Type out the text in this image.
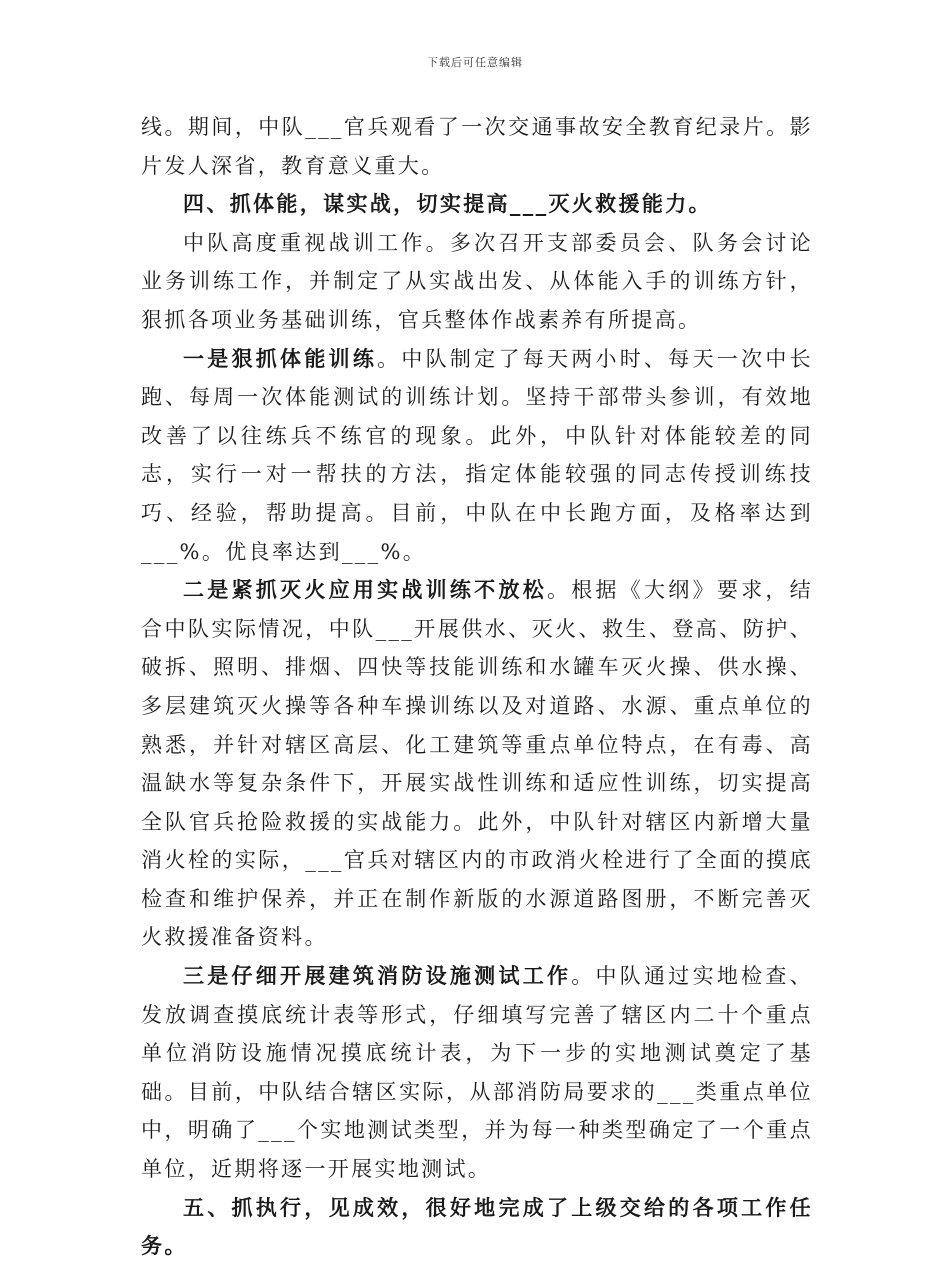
下载后可任意编辑

线。期间，中队___官兵观看了一次交通事故安全教育纪录片。影片发人深省，教育意义重大。

四、抓体能，谋实战，切实提高___灭火救援能力。

中队高度重视战训工作。多次召开支部委员会、队务会讨论业务训练工作，并制定了从实战出发、从体能入手的训练方针，狠抓各项业务基础训练，官兵整体作战素养有所提高。

一是狠抓体能训练。中队制定了每天两小时、每天一次中长跑、每周一次体能测试的训练计划。坚持干部带头参训，有效地改善了以往练兵不练官的现象。此外，中队针对体能较差的同志，实行一对一帮扶的方法，指定体能较强的同志传授训练技巧、经验，帮助提高。目前，中队在中长跑方面，及格率达到___%。优良率达到___%。

二是紧抓灭火应用实战训练不放松。根据《大纲》要求，结合中队实际情况，中队___开展供水、灭火、救生、登高、防护、破拆、照明、排烟、四快等技能训练和水罐车灭火操、供水操、多层建筑灭火操等各种车操训练以及对道路、水源、重点单位的熟悉，并针对辖区高层、化工建筑等重点单位特点，在有毒、高温缺水等复杂条件下，开展实战性训练和适应性训练，切实提高全队官兵抢险救援的实战能力。此外，中队针对辖区内新增大量消火栓的实际，___官兵对辖区内的市政消火栓进行了全面的摸底检查和维护保养，并正在制作新版的水源道路图册，不断完善灭火救援准备资料。

三是仔细开展建筑消防设施测试工作。中队通过实地检查、发放调查摸底统计表等形式，仔细填写完善了辖区内二十个重点单位消防设施情况摸底统计表，为下一步的实地测试奠定了基础。目前，中队结合辖区实际，从部消防局要求的___类重点单位中，明确了___个实地测试类型，并为每一种类型确定了一个重点单位，近期将逐一开展实地测试。

五、抓执行，见成效，很好地完成了上级交给的各项工作任务。
